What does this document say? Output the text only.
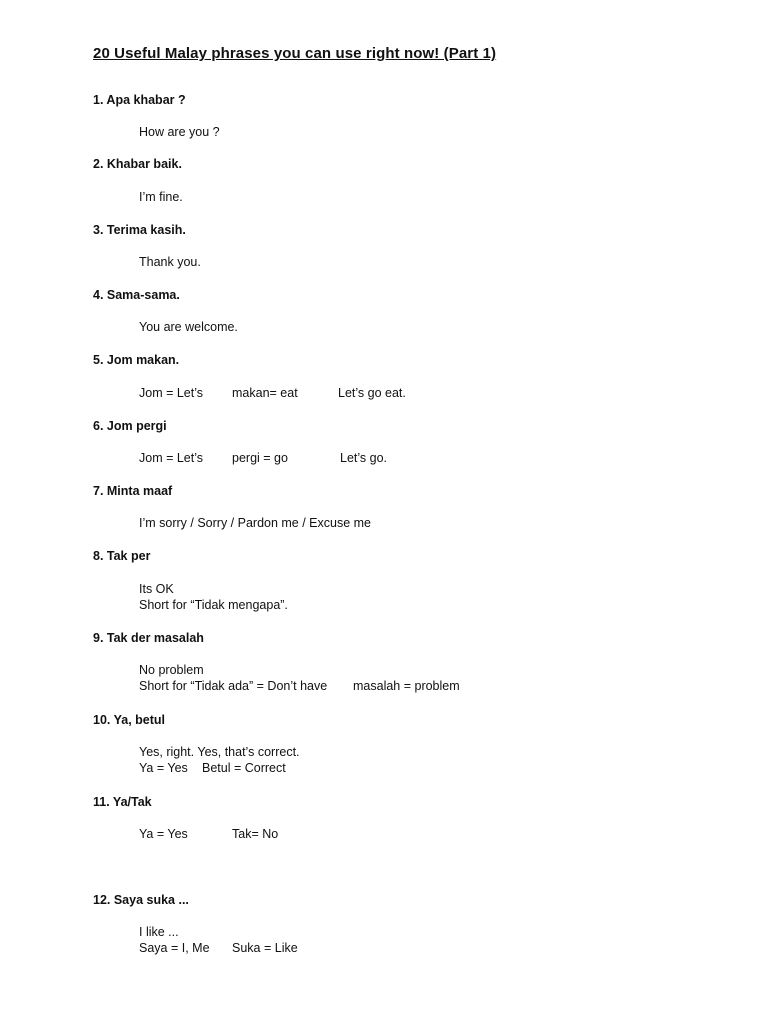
20 Useful Malay phrases you can use right now! (Part 1)
1. Apa khabar ?
How are you ?
2. Khabar baik.
I’m fine.
3. Terima kasih.
Thank you.
4. Sama-sama.
You are welcome.
5. Jom makan.
Jom = Let’s makan= eat	Let’s go eat.
6. Jom pergi
Jom = Let’s pergi = go	Let’s go.
7. Minta maaf
I’m sorry / Sorry / Pardon me / Excuse me
8. Tak per
Its OK
Short for “Tidak mengapa”.
9. Tak der masalah
No problem
Short for “Tidak ada” = Don’t have masalah = problem
10. Ya, betul
Yes, right. Yes, that’s correct.
Ya = Yes Betul = Correct
11. Ya/Tak
Ya = Yes	Tak= No
12. Saya suka ...
I like ...
Saya = I, Me Suka = Like
